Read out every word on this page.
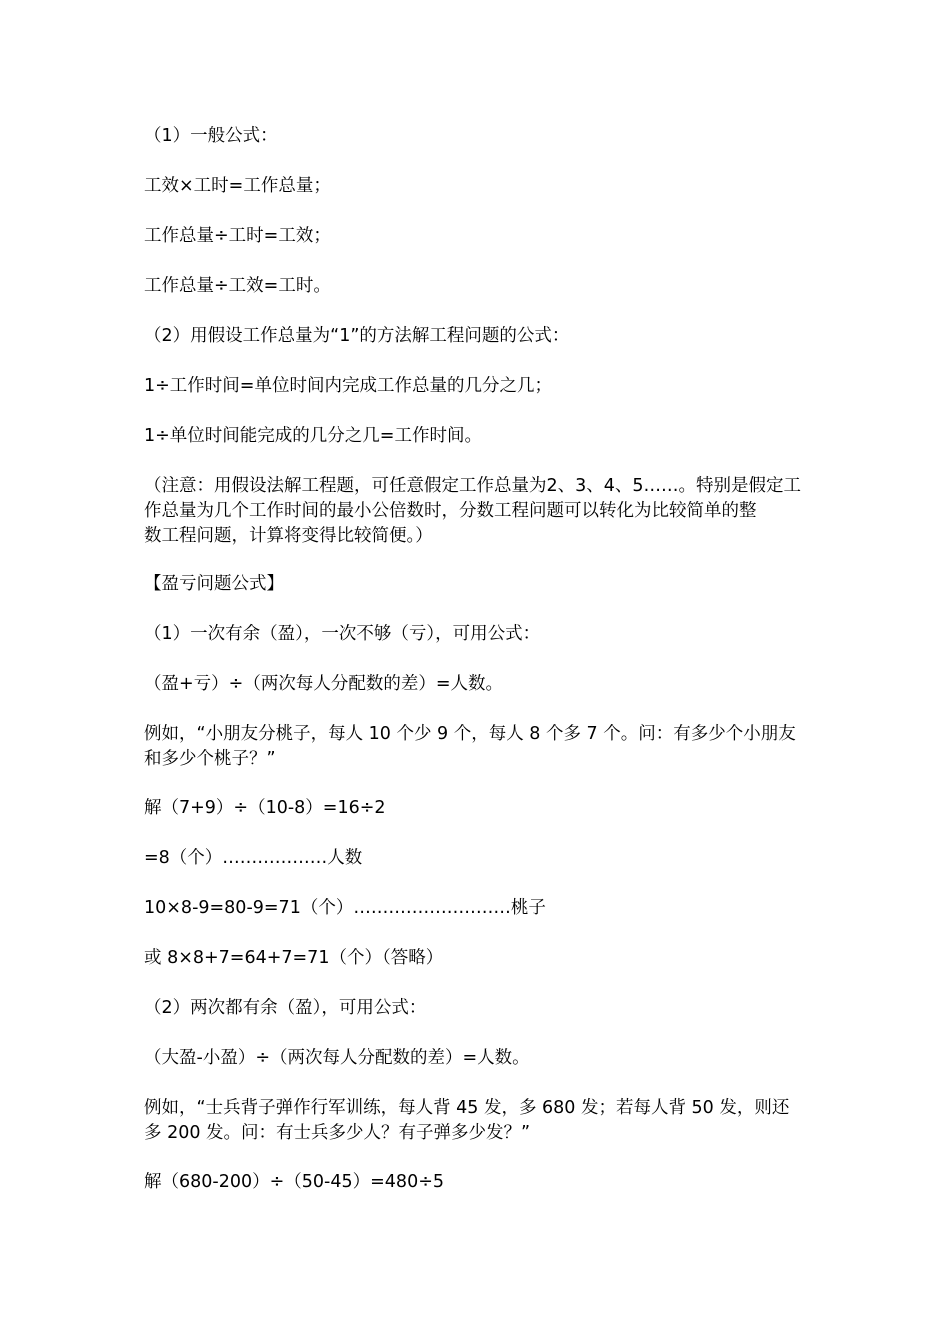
（1）一般公式：

工效×工时=工作总量；

工作总量÷工时=工效；

工作总量÷工效=工时。

（2）用假设工作总量为“1”的方法解工程问题的公式：

1÷工作时间=单位时间内完成工作总量的几分之几；

1÷单位时间能完成的几分之几=工作时间。

（注意：用假设法解工程题，可任意假定工作总量为2、3、4、5……。特别是假定工
作总量为几个工作时间的最小公倍数时，分数工程问题可以转化为比较简单的整
数工程问题，计算将变得比较简便。）

【盈亏问题公式】

（1）一次有余（盈），一次不够（亏），可用公式：

（盈+亏）÷（两次每人分配数的差）=人数。

例如，“小朋友分桃子，每人 10 个少 9 个，每人 8 个多 7 个。问：有多少个小朋友
和多少个桃子？”

解（7+9）÷（10-8）=16÷2

=8（个）………………人数

10×8-9=80-9=71（个）………………………桃子

或 8×8+7=64+7=71（个）（答略）

（2）两次都有余（盈），可用公式：

（大盈-小盈）÷（两次每人分配数的差）=人数。

例如，“士兵背子弹作行军训练，每人背 45 发，多 680 发；若每人背 50 发，则还
多 200 发。问：有士兵多少人？有子弹多少发？”

解（680-200）÷（50-45）=480÷5
